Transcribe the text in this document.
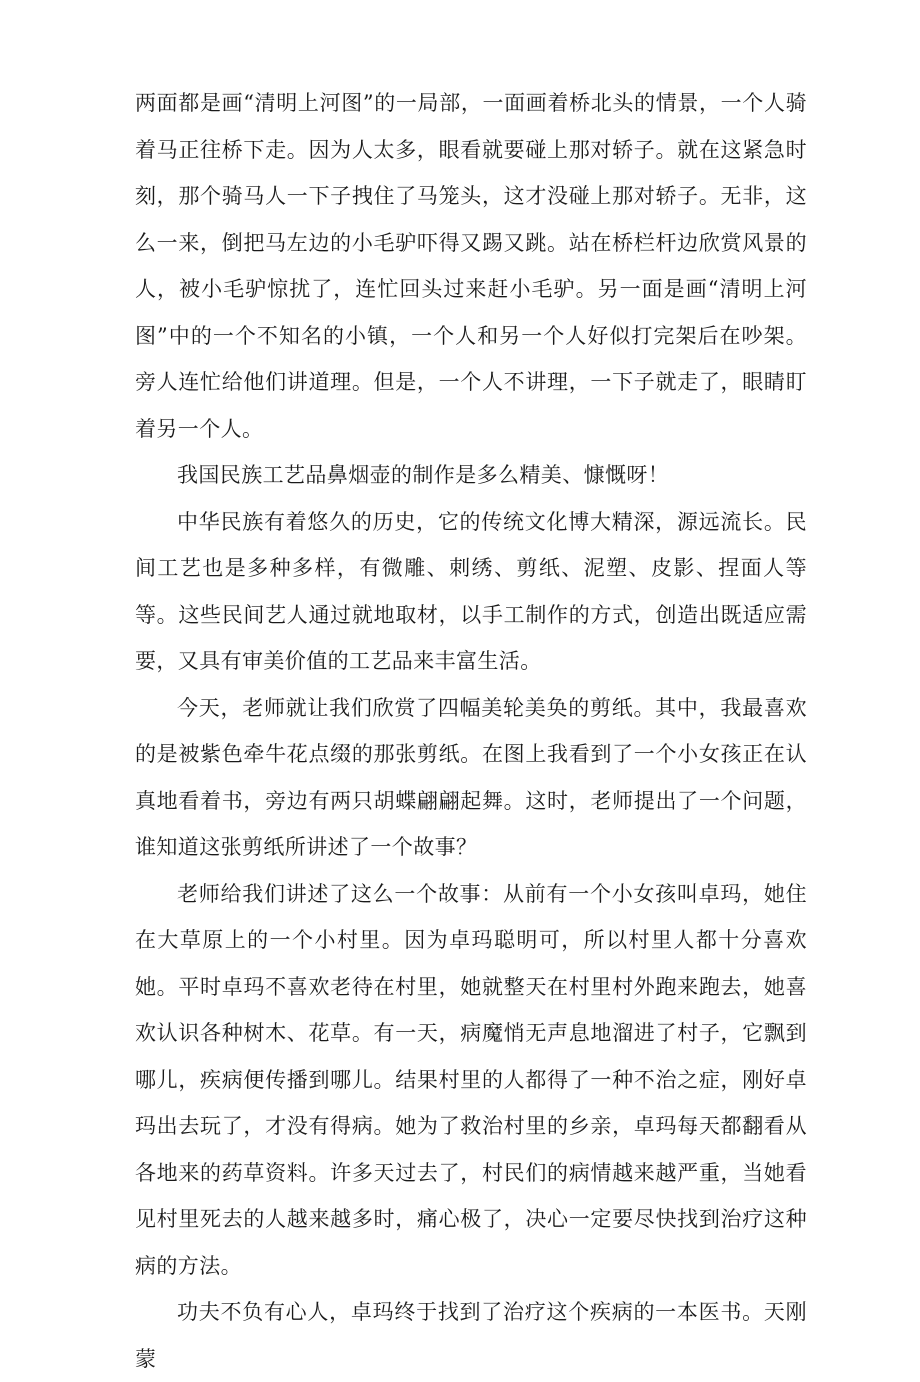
两面都是画“清明上河图”的一局部，一面画着桥北头的情景，一个人骑着马正往桥下走。因为人太多，眼看就要碰上那对轿子。就在这紧急时刻，那个骑马人一下子拽住了马笼头，这才没碰上那对轿子。无非，这么一来，倒把马左边的小毛驴吓得又踢又跳。站在桥栏杆边欣赏风景的人，被小毛驴惊扰了，连忙回头过来赶小毛驴。另一面是画“清明上河图”中的一个不知名的小镇，一个人和另一个人好似打完架后在吵架。旁人连忙给他们讲道理。但是，一个人不讲理，一下子就走了，眼睛盯着另一个人。

我国民族工艺品鼻烟壶的制作是多么精美、慷慨呀！

中华民族有着悠久的历史，它的传统文化博大精深，源远流长。民间工艺也是多种多样，有微雕、刺绣、剪纸、泥塑、皮影、捏面人等等。这些民间艺人通过就地取材，以手工制作的方式，创造出既适应需要，又具有审美价值的工艺品来丰富生活。

今天，老师就让我们欣赏了四幅美轮美奂的剪纸。其中，我最喜欢的是被紫色牵牛花点缀的那张剪纸。在图上我看到了一个小女孩正在认真地看着书，旁边有两只胡蝶翩翩起舞。这时，老师提出了一个问题，谁知道这张剪纸所讲述了一个故事？

老师给我们讲述了这么一个故事：从前有一个小女孩叫卓玛，她住在大草原上的一个小村里。因为卓玛聪明可，所以村里人都十分喜欢她。平时卓玛不喜欢老待在村里，她就整天在村里村外跑来跑去，她喜欢认识各种树木、花草。有一天，病魔悄无声息地溜进了村子，它飘到哪儿，疾病便传播到哪儿。结果村里的人都得了一种不治之症，刚好卓玛出去玩了，才没有得病。她为了救治村里的乡亲，卓玛每天都翻看从各地来的药草资料。许多天过去了，村民们的病情越来越严重，当她看见村里死去的人越来越多时，痛心极了，决心一定要尽快找到治疗这种病的方法。

功夫不负有心人，卓玛终于找到了治疗这个疾病的一本医书。天刚蒙
